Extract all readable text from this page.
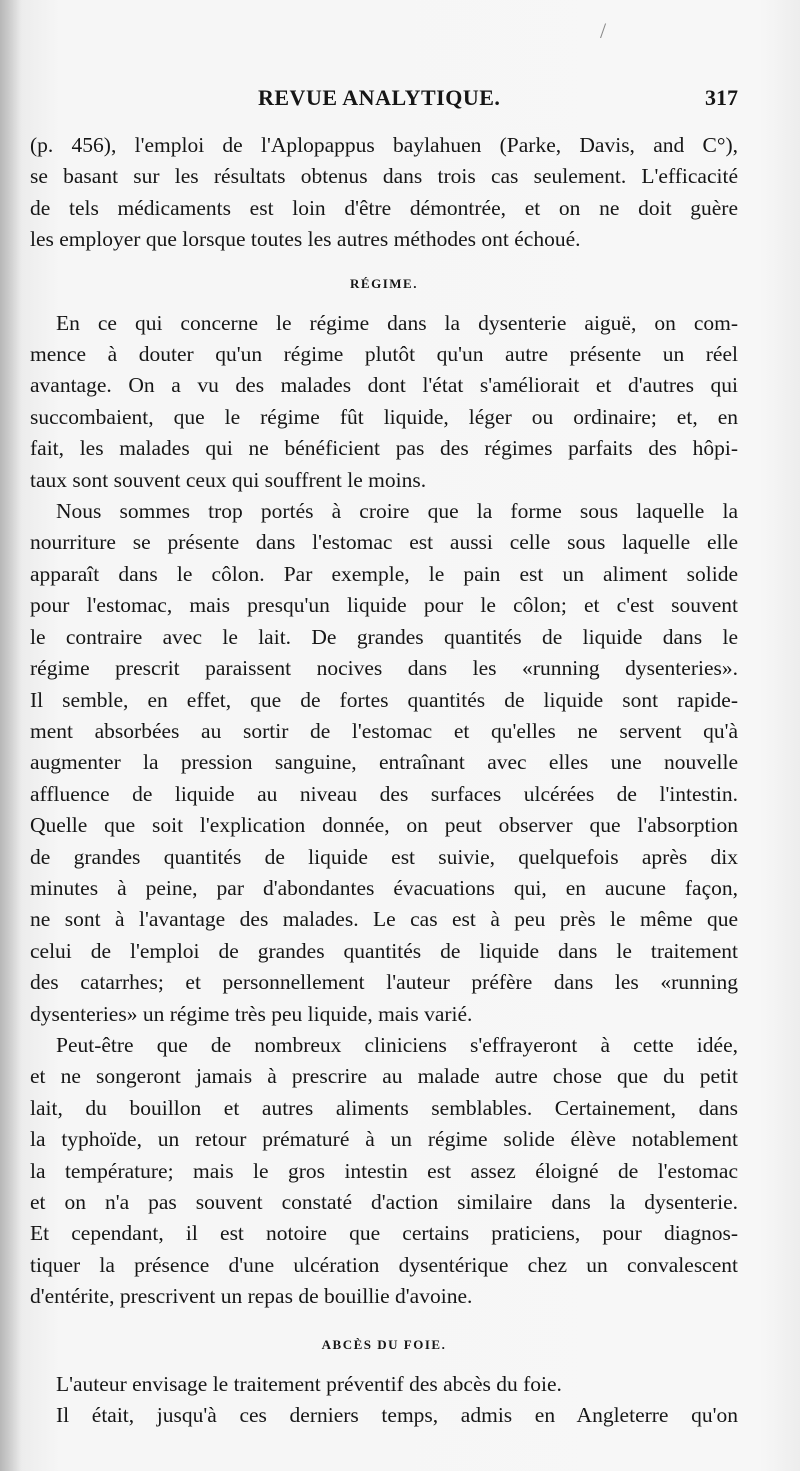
/
REVUE ANALYTIQUE.	317
(p. 456), l'emploi de l'Aplopappus baylahuen (Parke, Davis, and C°),
se basant sur les résultats obtenus dans trois cas seulement. L'efficacité
de tels médicaments est loin d'être démontrée, et on ne doit guère
les employer que lorsque toutes les autres méthodes ont échoué.
RÉGIME.
En ce qui concerne le régime dans la dysenterie aiguë, on com-
mence à douter qu'un régime plutôt qu'un autre présente un réel
avantage. On a vu des malades dont l'état s'améliorait et d'autres qui
succombaient, que le régime fût liquide, léger ou ordinaire; et, en
fait, les malades qui ne bénéficient pas des régimes parfaits des hôpi-
taux sont souvent ceux qui souffrent le moins.
Nous sommes trop portés à croire que la forme sous laquelle la
nourriture se présente dans l'estomac est aussi celle sous laquelle elle
apparaît dans le côlon. Par exemple, le pain est un aliment solide
pour l'estomac, mais presqu'un liquide pour le côlon; et c'est souvent
le contraire avec le lait. De grandes quantités de liquide dans le
régime prescrit paraissent nocives dans les «running dysenteries».
Il semble, en effet, que de fortes quantités de liquide sont rapide-
ment absorbées au sortir de l'estomac et qu'elles ne servent qu'à
augmenter la pression sanguine, entraînant avec elles une nouvelle
affluence de liquide au niveau des surfaces ulcérées de l'intestin.
Quelle que soit l'explication donnée, on peut observer que l'absorption
de grandes quantités de liquide est suivie, quelquefois après dix
minutes à peine, par d'abondantes évacuations qui, en aucune façon,
ne sont à l'avantage des malades. Le cas est à peu près le même que
celui de l'emploi de grandes quantités de liquide dans le traitement
des catarrhes; et personnellement l'auteur préfère dans les «running
dysenteries» un régime très peu liquide, mais varié.
Peut-être que de nombreux cliniciens s'effrayeront à cette idée,
et ne songeront jamais à prescrire au malade autre chose que du petit
lait, du bouillon et autres aliments semblables. Certainement, dans
la typhoïde, un retour prématuré à un régime solide élève notablement
la température; mais le gros intestin est assez éloigné de l'estomac
et on n'a pas souvent constaté d'action similaire dans la dysenterie.
Et cependant, il est notoire que certains praticiens, pour diagnos-
tiquer la présence d'une ulcération dysentérique chez un convalescent
d'entérite, prescrivent un repas de bouillie d'avoine.
ABCÈS DU FOIE.
L'auteur envisage le traitement préventif des abcès du foie.
Il était, jusqu'à ces derniers temps, admis en Angleterre qu'on
